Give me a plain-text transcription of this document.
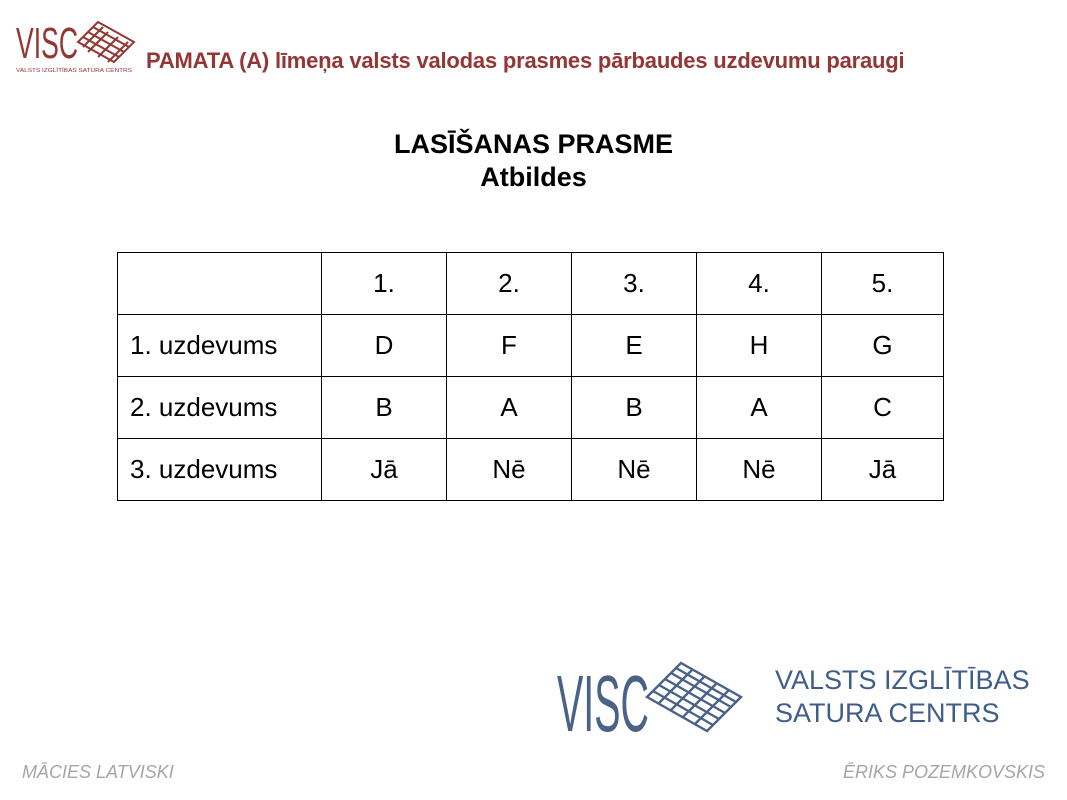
VISC
VALSTS IZGLĪTĪBAS SATURA CENTRS	PAMATA (A) līmeņa valsts valodas prasmes pārbaudes uzdevumu paraugi
LASĪŠANAS PRASME
Atbildes
	1.	2.	3.	4.	5.
1. uzdevums	D	F	E	H	G
2. uzdevums	B	A	B	A	C
3. uzdevums	Jā	Nē	Nē	Nē	Jā
VISC	VALSTS IZGLĪTĪBAS
SATURA CENTRS
MĀCIES LATVISKI	ĒRIKS POZEMKOVSKIS
